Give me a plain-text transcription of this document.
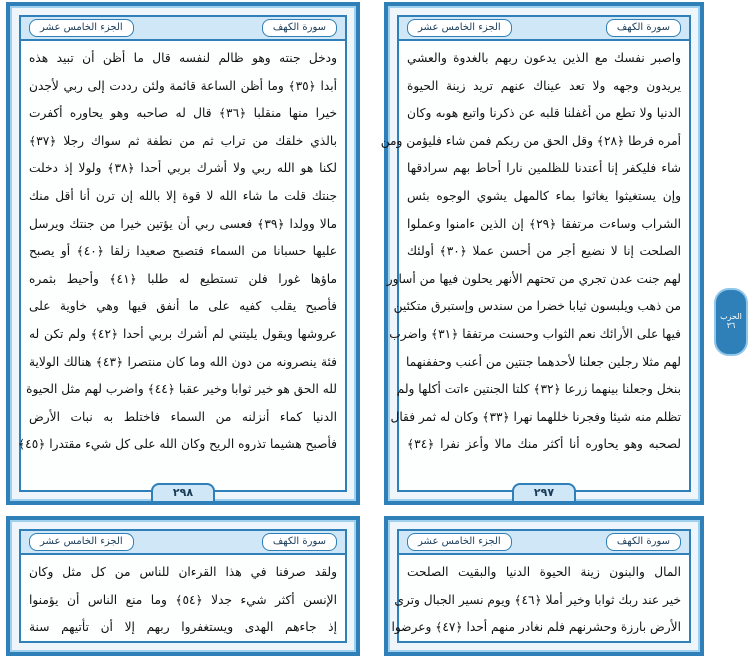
الجزء الخامس عشر	سورة الكهف
ودخل جنته وهو ظالم لنفسه قال ما أظن أن تبيد هذه
أبدا ﴿٣٥﴾ وما أظن الساعة قائمة ولئن رددت إلى ربي لأجدن
خيرا منها منقلبا ﴿٣٦﴾ قال له صاحبه وهو يحاوره أكفرت
بالذي خلقك من تراب ثم من نطفة ثم سواك رجلا ﴿٣٧﴾
لكنا هو الله ربي ولا أشرك بربي أحدا ﴿٣٨﴾ ولولا إذ دخلت
جنتك قلت ما شاء الله لا قوة إلا بالله إن ترن أنا أقل منك
مالا وولدا ﴿٣٩﴾ فعسى ربي أن يؤتين خيرا من جنتك ويرسل
عليها حسبانا من السماء فتصبح صعيدا زلقا ﴿٤٠﴾ أو يصبح
ماؤها غورا فلن تستطيع له طلبا ﴿٤١﴾ وأحيط بثمره
فأصبح يقلب كفيه على ما أنفق فيها وهي خاوية على
عروشها ويقول يليتني لم أشرك بربي أحدا ﴿٤٢﴾ ولم تكن له
فئة ينصرونه من دون الله وما كان منتصرا ﴿٤٣﴾ هنالك الولاية
لله الحق هو خير ثوابا وخير عقبا ﴿٤٤﴾ واضرب لهم مثل الحيوة
الدنيا كماء أنزلنه من السماء فاختلط به نبات الأرض
فأصبح هشيما تذروه الريح وكان الله على كل شيء مقتدرا ﴿٤٥﴾
٢٩٨
الجزء الخامس عشر	سورة الكهف
واصبر نفسك مع الذين يدعون ربهم بالغدوة والعشي
يريدون وجهه ولا تعد عيناك عنهم تريد زينة الحيوة
الدنيا ولا تطع من أغفلنا قلبه عن ذكرنا واتبع هوىه وكان
أمره فرطا ﴿٢٨﴾ وقل الحق من ربكم فمن شاء فليؤمن ومن
شاء فليكفر إنا أعتدنا للظلمين نارا أحاط بهم سرادقها
وإن يستغيثوا يغاثوا بماء كالمهل يشوي الوجوه بئس
الشراب وساءت مرتفقا ﴿٢٩﴾ إن الذين ءامنوا وعملوا
الصلحت إنا لا نضيع أجر من أحسن عملا ﴿٣٠﴾ أولئك
لهم جنت عدن تجري من تحتهم الأنهر يحلون فيها من أساور
من ذهب ويلبسون ثيابا خضرا من سندس وإستبرق متكئين
فيها على الأرائك نعم الثواب وحسنت مرتفقا ﴿٣١﴾ واضرب
لهم مثلا رجلين جعلنا لأحدهما جنتين من أعنب وحففنهما
بنخل وجعلنا بينهما زرعا ﴿٣٢﴾ كلتا الجنتين ءاتت أكلها ولم
تظلم منه شيئا وفجرنا خللهما نهرا ﴿٣٣﴾ وكان له ثمر فقال
لصحبه وهو يحاوره أنا أكثر منك مالا وأعز نفرا ﴿٣٤﴾
٢٩٧
الحزب ٣٦
الجزء الخامس عشر	سورة الكهف
ولقد صرفنا في هذا القرءان للناس من كل مثل وكان
الإنسن أكثر شيء جدلا ﴿٥٤﴾ وما منع الناس أن يؤمنوا
إذ جاءهم الهدى ويستغفروا ربهم إلا أن تأتيهم سنة
الجزء الخامس عشر	سورة الكهف
المال والبنون زينة الحيوة الدنيا والبقيت الصلحت
خير عند ربك ثوابا وخير أملا ﴿٤٦﴾ ويوم نسير الجبال وترى
الأرض بارزة وحشرنهم فلم نغادر منهم أحدا ﴿٤٧﴾ وعرضوا
